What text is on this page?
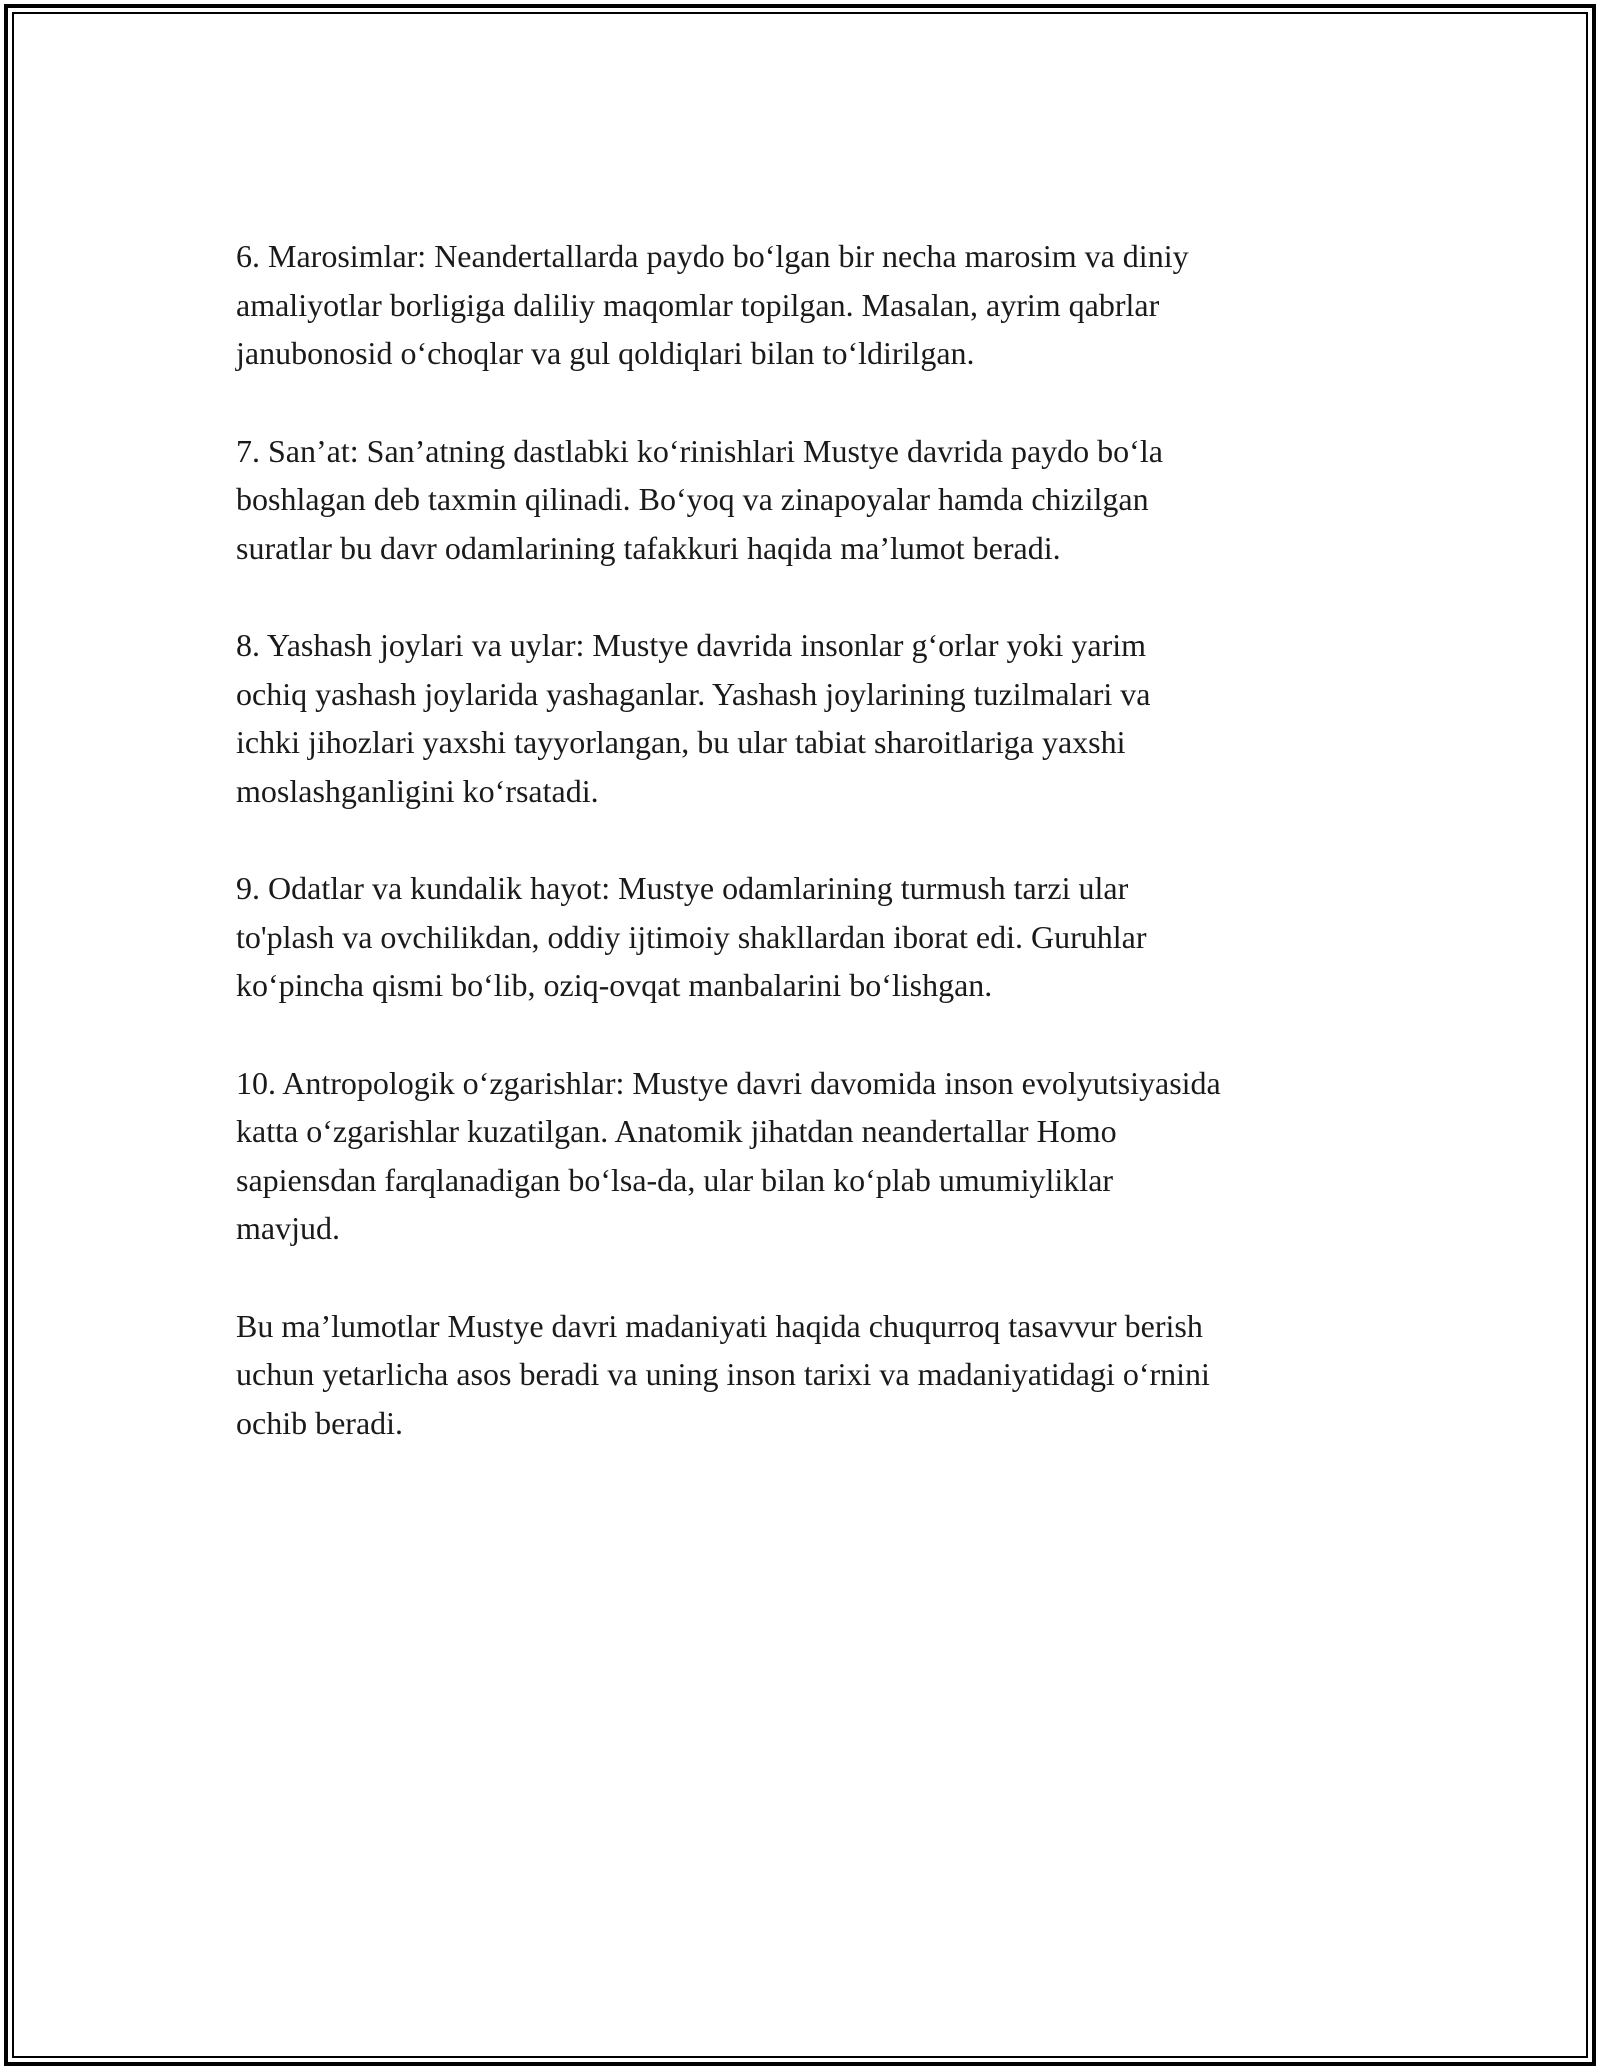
6. Marosimlar: Neandertallarda paydo bo‘lgan bir necha marosim va diniy
amaliyotlar borligiga daliliy maqomlar topilgan. Masalan, ayrim qabrlar
janubonosid o‘choqlar va gul qoldiqlari bilan to‘ldirilgan.

7. San’at: San’atning dastlabki ko‘rinishlari Mustye davrida paydo bo‘la
boshlagan deb taxmin qilinadi. Bo‘yoq va zinapoyalar hamda chizilgan
suratlar bu davr odamlarining tafakkuri haqida ma’lumot beradi.

8. Yashash joylari va uylar: Mustye davrida insonlar g‘orlar yoki yarim
ochiq yashash joylarida yashaganlar. Yashash joylarining tuzilmalari va
ichki jihozlari yaxshi tayyorlangan, bu ular tabiat sharoitlariga yaxshi
moslashganligini ko‘rsatadi.

9. Odatlar va kundalik hayot: Mustye odamlarining turmush tarzi ular
to'plash va ovchilikdan, oddiy ijtimoiy shakllardan iborat edi. Guruhlar
ko‘pincha qismi bo‘lib, oziq-ovqat manbalarini bo‘lishgan.

10. Antropologik o‘zgarishlar: Mustye davri davomida inson evolyutsiyasida
katta o‘zgarishlar kuzatilgan. Anatomik jihatdan neandertallar Homo
sapiensdan farqlanadigan bo‘lsa-da, ular bilan ko‘plab umumiyliklar
mavjud.

Bu ma’lumotlar Mustye davri madaniyati haqida chuqurroq tasavvur berish
uchun yetarlicha asos beradi va uning inson tarixi va madaniyatidagi o‘rnini
ochib beradi.
